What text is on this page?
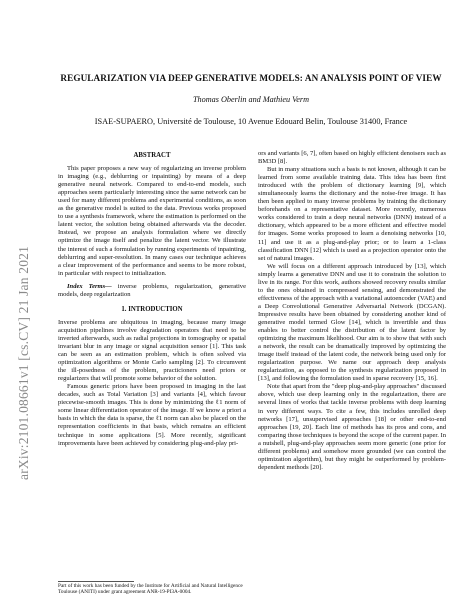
arXiv:2101.08661v1 [cs.CV] 21 Jan 2021
REGULARIZATION VIA DEEP GENERATIVE MODELS: AN ANALYSIS POINT OF VIEW
Thomas Oberlin and Mathieu Verm
ISAE-SUPAERO, Université de Toulouse, 10 Avenue Edouard Belin, Toulouse 31400, France
ABSTRACT

This paper proposes a new way of regularizing an inverse problem in imaging (e.g., deblurring or inpainting) by means of a deep generative neural network. Compared to end-to-end models, such approaches seem particularly interesting since the same network can be used for many different problems and experimental conditions, as soon as the generative model is suited to the data. Previous works proposed to use a synthesis framework, where the estimation is performed on the latent vector, the solution being obtained afterwards via the decoder. Instead, we propose an analysis formulation where we directly optimize the image itself and penalize the latent vector. We illustrate the interest of such a formulation by running experiments of inpainting, deblurring and super-resolution. In many cases our technique achieves a clear improvement of the performance and seems to be more robust, in particular with respect to initialization.

Index Terms— inverse problems, regularization, generative models, deep regularization

1. INTRODUCTION

Inverse problems are ubiquitous in imaging, because many image acquisition pipelines involve degradation operators that need to be inverted afterwards, such as radial projections in tomography or spatial invariant blur in any image or signal acquisition sensor [1]. This task can be seen as an estimation problem, which is often solved via optimization algorithms or Monte Carlo sampling [2]. To circumvent the ill-posedness of the problem, practicioners need priors or regularizers that will promote some behavior of the solution.

Famous generic priors have been proposed in imaging in the last decades, such as Total Variation [3] and variants [4], which favour piecewise-smooth images. This is done by minimizing the ℓ1 norm of some linear differentiation operator of the image. If we know a priori a basis in which the data is sparse, the ℓ1 norm can also be placed on the representation coefficients in that basis, which remains an efficient technique in some applications [5]. More recently, significant improvements have been achieved by considering plug-and-play pri-

ors and variants [6, 7], often based on highly efficient denoisers such as BM3D [8].

But in many situations such a basis is not known, although it can be learned from some available training data. This idea has been first introduced with the problem of dictionary learning [9], which simultaneously learns the dictionary and the noise-free image. It has then been applied to many inverse problems by training the dictionary beforehands on a representative dataset. More recently, numerous works considered to train a deep neural networks (DNN) instead of a dictionary, which appeared to be a more efficient and effective model for images. Some works proposed to learn a denoising networks [10, 11] and use it as a plug-and-play prior; or to learn a 1-class classification DNN [12] which is used as a projection operator onto the set of natural images.

We will focus on a different approach introduced by [13], which simply learns a generative DNN and use it to constrain the solution to live in its range. For this work, authors showed recovery results similar to the ones obtained in compressed sensing, and demonstrated the effectiveness of the approach with a variational autoencoder (VAE) and a Deep Convolutional Generative Adversarial Network (DCGAN). Impressive results have been obtained by considering another kind of generative model termed Glow [14], which is invertible and thus enables to better control the distribution of the latent factor by optimizing the maximum likelihood. Our aim is to show that with such a network, the result can be dramatically improved by optimizing the image itself instead of the latent code, the network being used only for regularization purpose. We name our approach deep analysis regularization, as opposed to the synthesis regularization proposed in [13], and following the formulation used in sparse recovery [15, 16].

Note that apart from the "deep plug-and-play approaches" discussed above, which use deep learning only in the regularization, there are several lines of works that tackle inverse problems with deep learning in very different ways. To cite a few, this includes unrolled deep networks [17], unsupervised approaches [18] or other end-to-end approaches [19, 20]. Each line of methods has its pros and cons, and comparing those techniques is beyond the scope of the current paper. In a nutshell, plug-and-play approaches seem more generic (one prior for different problems) and somehow more grounded (we can control the optimization algorithm), but they might be outperformed by problem-dependent methods [20].

Part of this work has been funded by the Institute for Artificial and Natural Intelligence Toulouse (ANITI) under grant agreement ANR-19-PI3A-0004.
